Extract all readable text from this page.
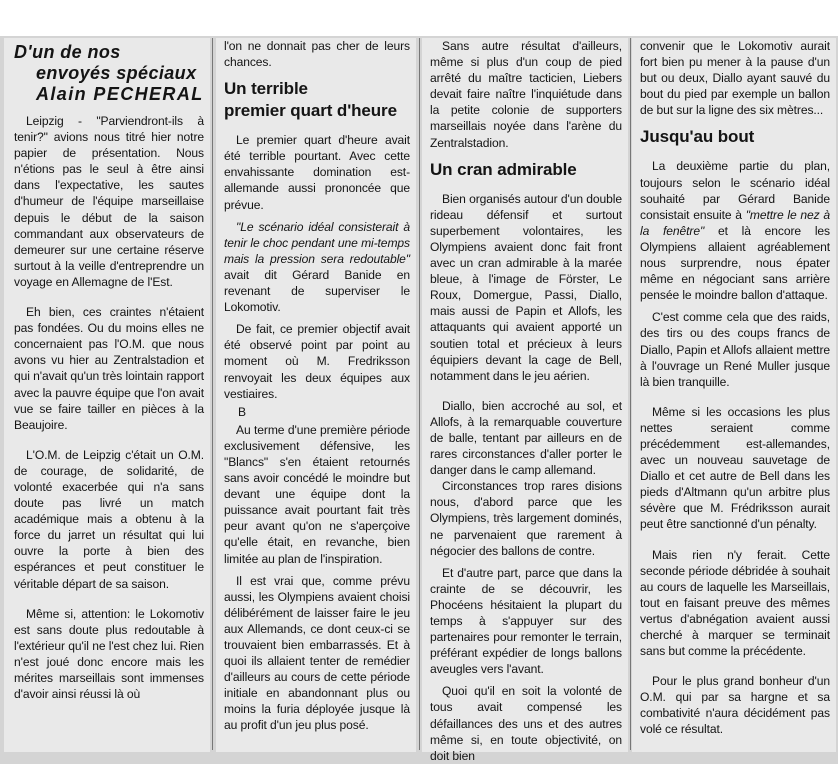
D'un de nos
envoyés spéciaux
Alain PECHERAL

Leipzig - "Parviendront-ils à tenir?" avions nous titré hier notre papier de présentation. Nous n'étions pas le seul à être ainsi dans l'expectative, les sautes d'humeur de l'équipe marseillaise depuis le début de la saison commandant aux observateurs de demeurer sur une certaine réserve surtout à la veille d'entreprendre un voyage en Allemagne de l'Est.

Eh bien, ces craintes n'étaient pas fondées. Ou du moins elles ne concernaient pas l'O.M. que nous avons vu hier au Zentralstadion et qui n'avait qu'un très lointain rapport avec la pauvre équipe que l'on avait vue se faire tailler en pièces à la Beaujoire.

L'O.M. de Leipzig c'était un O.M. de courage, de solidarité, de volonté exacerbée qui n'a sans doute pas livré un match académique mais a obtenu à la force du jarret un résultat qui lui ouvre la porte à bien des espérances et peut constituer le véritable départ de sa saison.

Même si, attention: le Lokomotiv est sans doute plus redoutable à l'extérieur qu'il ne l'est chez lui. Rien n'est joué donc encore mais les mérites marseillais sont immenses d'avoir ainsi réussi là où

l'on ne donnait pas cher de leurs chances.

Un terrible
premier quart d'heure

Le premier quart d'heure avait été terrible pourtant. Avec cette envahissante domination est-allemande aussi prononcée que prévue.

"Le scénario idéal consisterait à tenir le choc pendant une mi-temps mais la pression sera redoutable" avait dit Gérard Banide en revenant de superviser le Lokomotiv.

De fait, ce premier objectif avait été observé point par point au moment où M. Fredriksson renvoyait les deux équipes aux vestiaires.

B

Au terme d'une première période exclusivement défensive, les "Blancs" s'en étaient retournés sans avoir concédé le moindre but devant une équipe dont la puissance avait pourtant fait très peur avant qu'on ne s'aperçoive qu'elle était, en revanche, bien limitée au plan de l'inspiration.

Il est vrai que, comme prévu aussi, les Olympiens avaient choisi délibérément de laisser faire le jeu aux Allemands, ce dont ceux-ci se trouvaient bien embarrassés. Et à quoi ils allaient tenter de remédier d'ailleurs au cours de cette période initiale en abandonnant plus ou moins la furia déployée jusque là au profit d'un jeu plus posé.

Sans autre résultat d'ailleurs, même si plus d'un coup de pied arrêté du maître tacticien, Liebers devait faire naître l'inquiétude dans la petite colonie de supporters marseillais noyée dans l'arène du Zentralstadion.

Un cran admirable

Bien organisés autour d'un double rideau défensif et surtout superbement volontaires, les Olympiens avaient donc fait front avec un cran admirable à la marée bleue, à l'image de Förster, Le Roux, Domergue, Passi, Diallo, mais aussi de Papin et Allofs, les attaquants qui avaient apporté un soutien total et précieux à leurs équipiers devant la cage de Bell, notamment dans le jeu aérien.

Diallo, bien accroché au sol, et Allofs, à la remarquable couverture de balle, tentant par ailleurs en de rares circonstances d'aller porter le danger dans le camp allemand.

Circonstances trop rares disions nous, d'abord parce que les Olympiens, très largement dominés, ne parvenaient que rarement à négocier des ballons de contre.

Et d'autre part, parce que dans la crainte de se découvrir, les Phocéens hésitaient la plupart du temps à s'appuyer sur des partenaires pour remonter le terrain, préférant expédier de longs ballons aveugles vers l'avant.

Quoi qu'il en soit la volonté de tous avait compensé les défaillances des uns et des autres même si, en toute objectivité, on doit bien

convenir que le Lokomotiv aurait fort bien pu mener à la pause d'un but ou deux, Diallo ayant sauvé du bout du pied par exemple un ballon de but sur la ligne des six mètres...

Jusqu'au bout

La deuxième partie du plan, toujours selon le scénario idéal souhaité par Gérard Banide consistait ensuite à "mettre le nez à la fenêtre" et là encore les Olympiens allaient agréablement nous surprendre, nous épater même en négociant sans arrière pensée le moindre ballon d'attaque.

C'est comme cela que des raids, des tirs ou des coups francs de Diallo, Papin et Allofs allaient mettre à l'ouvrage un René Muller jusque là bien tranquille.

Même si les occasions les plus nettes seraient comme précédemment est-allemandes, avec un nouveau sauvetage de Diallo et cet autre de Bell dans les pieds d'Altmann qu'un arbitre plus sévère que M. Frédriksson aurait peut être sanctionné d'un pénalty.

Mais rien n'y ferait. Cette seconde période débridée à souhait au cours de laquelle les Marseillais, tout en faisant preuve des mêmes vertus d'abnégation avaient aussi cherché à marquer se terminait sans but comme la précédente.

Pour le plus grand bonheur d'un O.M. qui par sa hargne et sa combativité n'aura décidément pas volé ce résultat.
